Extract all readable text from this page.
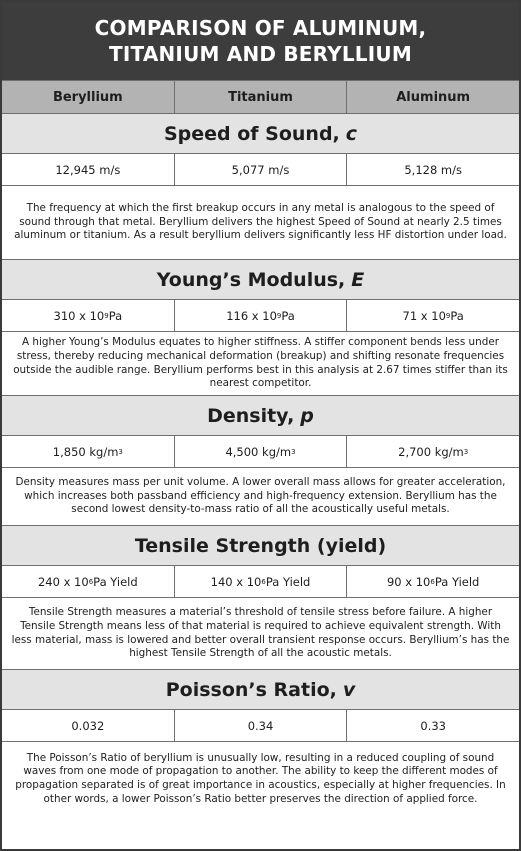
COMPARISON OF ALUMINUM,
TITANIUM AND BERYLLIUM
Beryllium	Titanium	Aluminum
Speed of Sound, c
12,945 m/s	5,077 m/s	5,128 m/s
The frequency at which the first breakup occurs in any metal is analogous to the speed of sound through that metal. Beryllium delivers the highest Speed of Sound at nearly 2.5 times aluminum or titanium. As a result beryllium delivers significantly less HF distortion under load.
Young’s Modulus, E
310 x 10 9 Pa	116 x 10 9 Pa	71 x 10 9 Pa
A higher Young’s Modulus equates to higher stiffness. A stiffer component bends less under stress, thereby reducing mechanical deformation (breakup) and shifting resonate frequencies outside the audible range. Beryllium performs best in this analysis at 2.67 times stiffer than its nearest competitor.
Density, p
1,850 kg/m 3	4,500 kg/m 3	2,700 kg/m 3
Density measures mass per unit volume. A lower overall mass allows for greater acceleration, which increases both passband efficiency and high-frequency extension. Beryllium has the second lowest density-to-mass ratio of all the acoustically useful metals.
Tensile Strength (yield)
240 x 10 6 Pa Yield	140 x 10 6 Pa Yield	90 x 10 6 Pa Yield
Tensile Strength measures a material’s threshold of tensile stress before failure. A higher Tensile Strength means less of that material is required to achieve equivalent strength. With less material, mass is lowered and better overall transient response occurs. Beryllium’s has the highest Tensile Strength of all the acoustic metals.
Poisson’s Ratio, v
0.032	0.34	0.33
The Poisson’s Ratio of beryllium is unusually low, resulting in a reduced coupling of sound waves from one mode of propagation to another. The ability to keep the different modes of propagation separated is of great importance in acoustics, especially at higher frequencies. In other words, a lower Poisson’s Ratio better preserves the direction of applied force.
